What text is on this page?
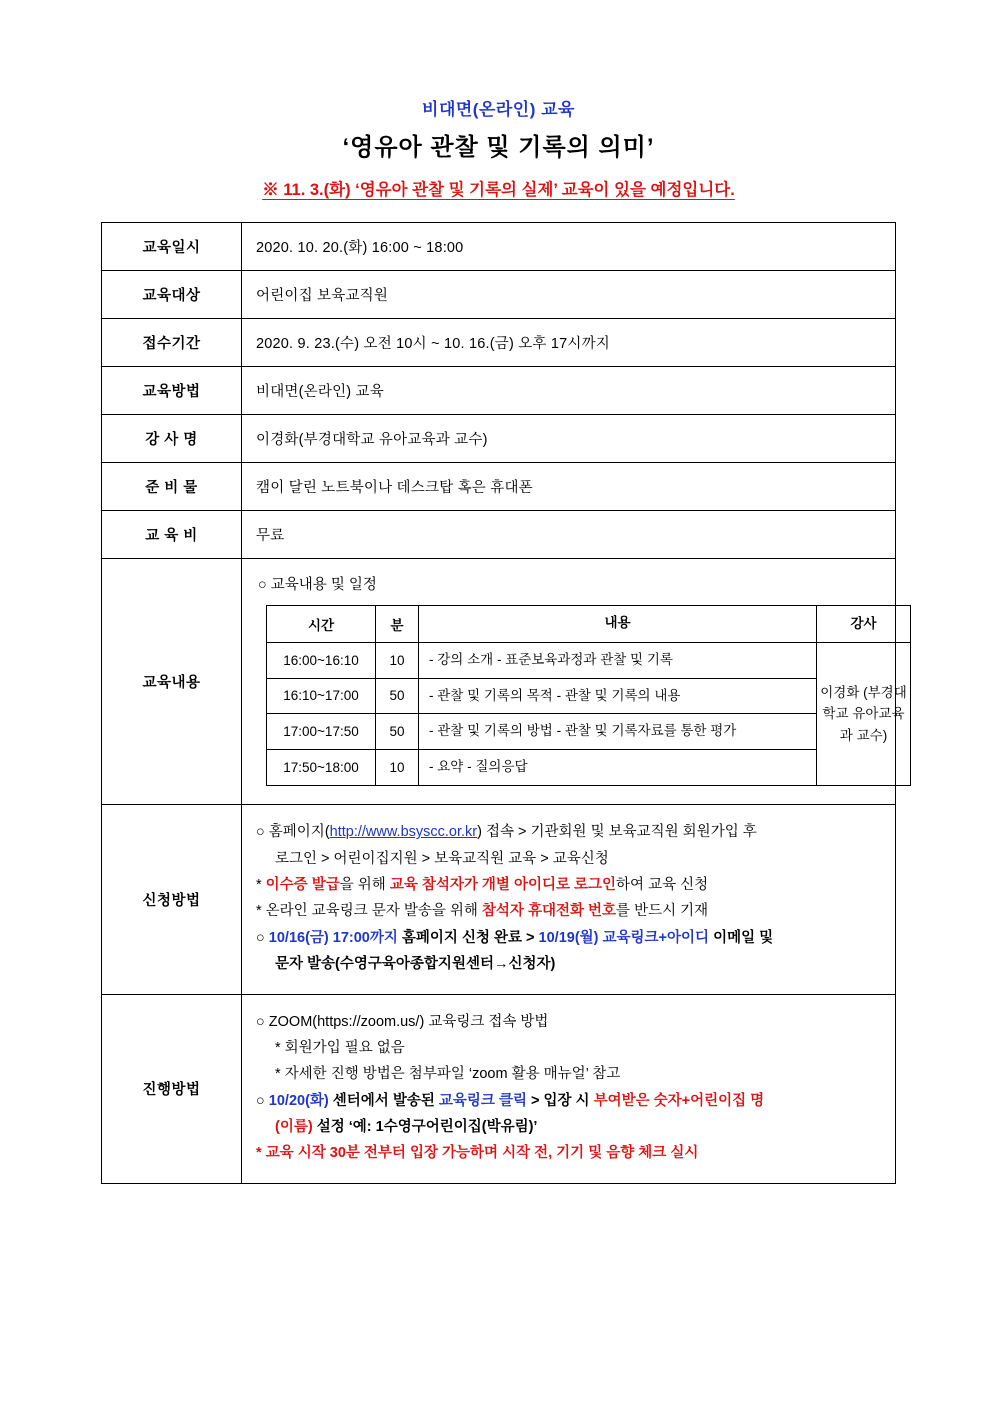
비대면(온라인) 교육
‘영유아 관찰 및 기록의 의미’
※ 11. 3.(화) ‘영유아 관찰 및 기록의 실제’ 교육이 있을 예정입니다.
교육일시	2020. 10. 20.(화) 16:00 ~ 18:00
교육대상	어린이집 보육교직원
접수기간	2020. 9. 23.(수) 오전 10시 ~ 10. 16.(금) 오후 17시까지
교육방법	비대면(온라인) 교육
강 사 명	이경화(부경대학교 유아교육과 교수)
준 비 물	캠이 달린 노트북이나 데스크탑 혹은 휴대폰
교 육 비	무료
교육내용	
○ 교육내용 및 일정
시간	분	내용	강사
16:00~16:10	10	- 강의 소개 - 표준보육과정과 관찰 및 기록	이경화 (부경대학교 유아교육과 교수)
16:10~17:00	50	- 관찰 및 기록의 목적 - 관찰 및 기록의 내용
17:00~17:50	50	- 관찰 및 기록의 방법 - 관찰 및 기록자료를 통한 평가
17:50~18:00	10	- 요약 - 질의응답

신청방법	
○ 홈페이지(http://www.bsyscc.or.kr) 접속 > 기관회원 및 보육교직원 회원가입 후
로그인 > 어린이집지원 > 보육교직원 교육 > 교육신청
* 이수증 발급을 위해 교육 참석자가 개별 아이디로 로그인하여 교육 신청
* 온라인 교육링크 문자 발송을 위해 참석자 휴대전화 번호를 반드시 기재
○ 10/16(금) 17:00까지 홈페이지 신청 완료 > 10/19(월) 교육링크+아이디 이메일 및
문자 발송(수영구육아종합지원센터→신청자)

진행방법	
○ ZOOM(https://zoom.us/) 교육링크 접속 방법
* 회원가입 필요 없음
* 자세한 진행 방법은 첨부파일 ‘zoom 활용 매뉴얼’ 참고
○ 10/20(화) 센터에서 발송된 교육링크 클릭 > 입장 시 부여받은 숫자+어린이집 명
(이름) 설정 ‘예: 1수영구어린이집(박유림)’
* 교육 시작 30분 전부터 입장 가능하며 시작 전, 기기 및 음향 체크 실시
